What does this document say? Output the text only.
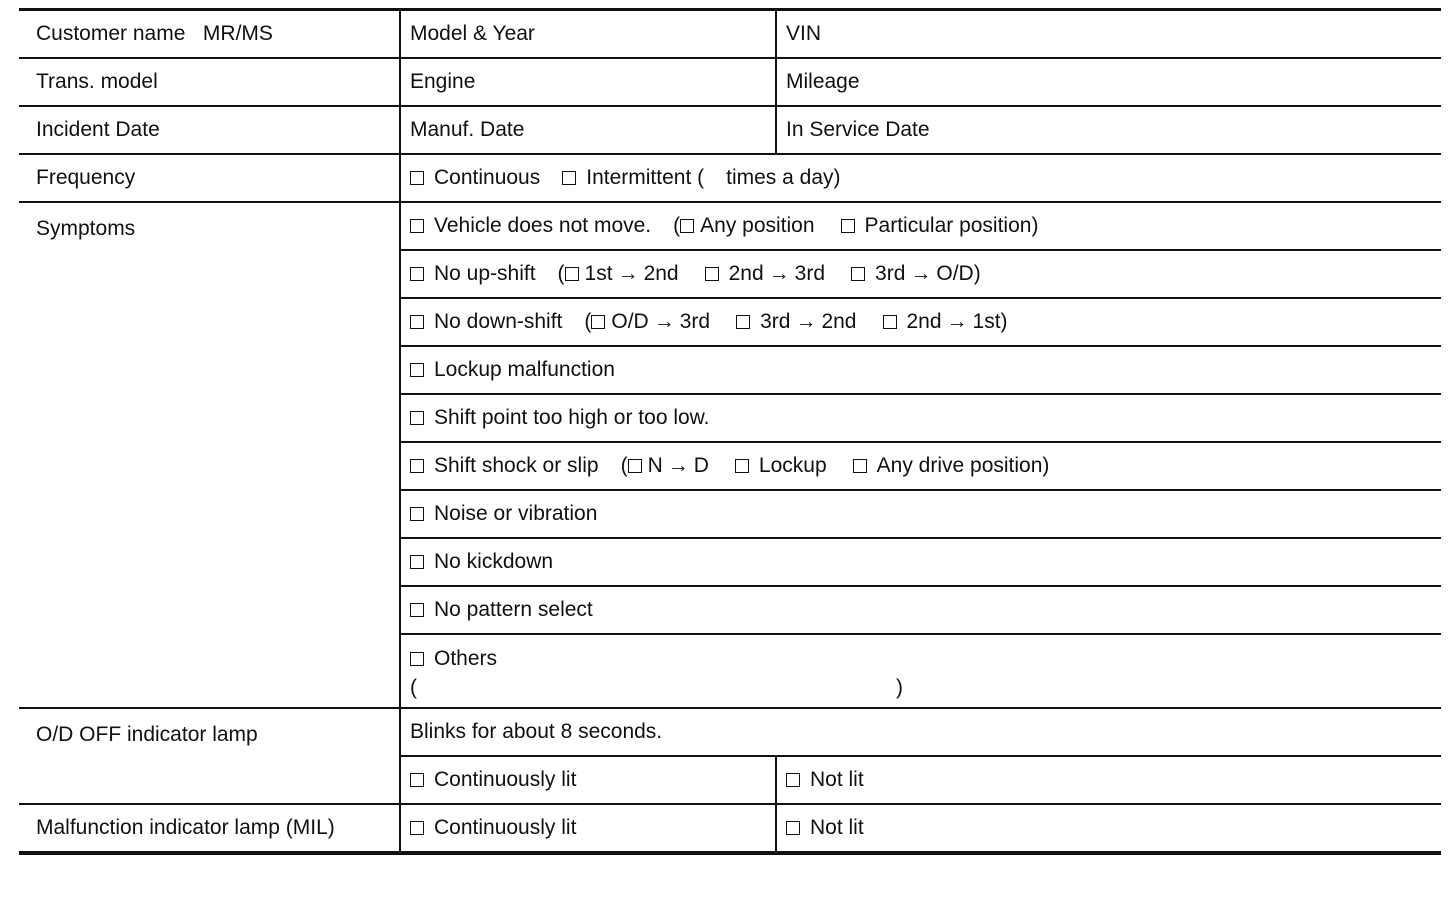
Customer name MR/MS	Model & Year	VIN
Trans. model	Engine	Mileage
Incident Date	Manuf. Date	In Service Date
Frequency	Continuous Intermittent ( times a day)	
Symptoms	Vehicle does not move. ( Any position Particular position)	
	No up-shift ( 1st → 2nd 2nd → 3rd 3rd → O/D)	
	No down-shift ( O/D → 3rd 3rd → 2nd 2nd → 1st)	
	Lockup malfunction	
	Shift point too high or too low.	
	Shift shock or slip ( N → D Lockup Any drive position)	
	Noise or vibration	
	No kickdown	
	No pattern select	
	Others
( )	

O/D OFF indicator lamp	Blinks for about 8 seconds.	
	Continuously lit	Not lit
Malfunction indicator lamp (MIL)	Continuously lit	Not lit
